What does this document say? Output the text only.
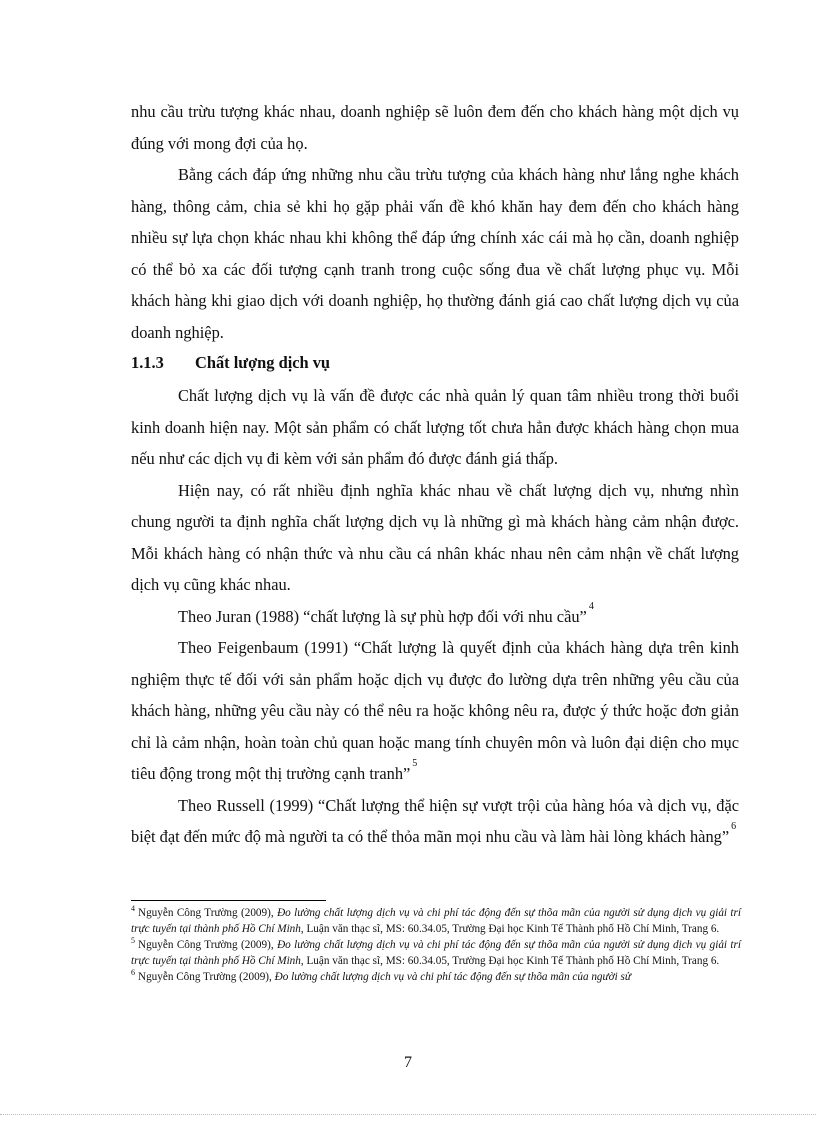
nhu cầu trừu tượng khác nhau, doanh nghiệp sẽ luôn đem đến cho khách hàng một dịch vụ đúng với mong đợi của họ.

Bằng cách đáp ứng những nhu cầu trừu tượng của khách hàng như lắng nghe khách hàng, thông cảm, chia sẻ khi họ gặp phải vấn đề khó khăn hay đem đến cho khách hàng nhiều sự lựa chọn khác nhau khi không thể đáp ứng chính xác cái mà họ cần, doanh nghiệp có thể bỏ xa các đối tượng cạnh tranh trong cuộc sống đua về chất lượng phục vụ. Mỗi khách hàng khi giao dịch với doanh nghiệp, họ thường đánh giá cao chất lượng dịch vụ của doanh nghiệp.

1.1.3 Chất lượng dịch vụ

Chất lượng dịch vụ là vấn đề được các nhà quản lý quan tâm nhiều trong thời buổi kinh doanh hiện nay. Một sản phẩm có chất lượng tốt chưa hẳn được khách hàng chọn mua nếu như các dịch vụ đi kèm với sản phẩm đó được đánh giá thấp.

Hiện nay, có rất nhiều định nghĩa khác nhau về chất lượng dịch vụ, nhưng nhìn chung người ta định nghĩa chất lượng dịch vụ là những gì mà khách hàng cảm nhận được. Mỗi khách hàng có nhận thức và nhu cầu cá nhân khác nhau nên cảm nhận về chất lượng dịch vụ cũng khác nhau.

Theo Juran (1988) “chất lượng là sự phù hợp đối với nhu cầu”$^4$

Theo Feigenbaum (1991) “Chất lượng là quyết định của khách hàng dựa trên kinh nghiệm thực tế đối với sản phẩm hoặc dịch vụ được đo lường dựa trên những yêu cầu của khách hàng, những yêu cầu này có thể nêu ra hoặc không nêu ra, được ý thức hoặc đơn giản chỉ là cảm nhận, hoàn toàn chủ quan hoặc mang tính chuyên môn và luôn đại diện cho mục tiêu động trong một thị trường cạnh tranh”$^5$

Theo Russell (1999) “Chất lượng thể hiện sự vượt trội của hàng hóa và dịch vụ, đặc biệt đạt đến mức độ mà người ta có thể thỏa mãn mọi nhu cầu và làm hài lòng khách hàng”$^6$

$^4$ Nguyễn Công Trường (2009), Đo lường chất lượng dịch vụ và chi phí tác động đến sự thõa mãn của người sử dụng dịch vụ giải trí trực tuyến tại thành phố Hồ Chí Minh, Luận văn thạc sĩ, MS: 60.34.05, Trường Đại học Kinh Tế Thành phố Hồ Chí Minh, Trang 6.

$^5$ Nguyễn Công Trường (2009), Đo lường chất lượng dịch vụ và chi phí tác động đến sự thõa mãn của người sử dụng dịch vụ giải trí trực tuyến tại thành phố Hồ Chí Minh, Luận văn thạc sĩ, MS: 60.34.05, Trường Đại học Kinh Tế Thành phố Hồ Chí Minh, Trang 6.

$^6$ Nguyễn Công Trường (2009), Đo lường chất lượng dịch vụ và chi phí tác động đến sự thõa mãn của người sử

7
